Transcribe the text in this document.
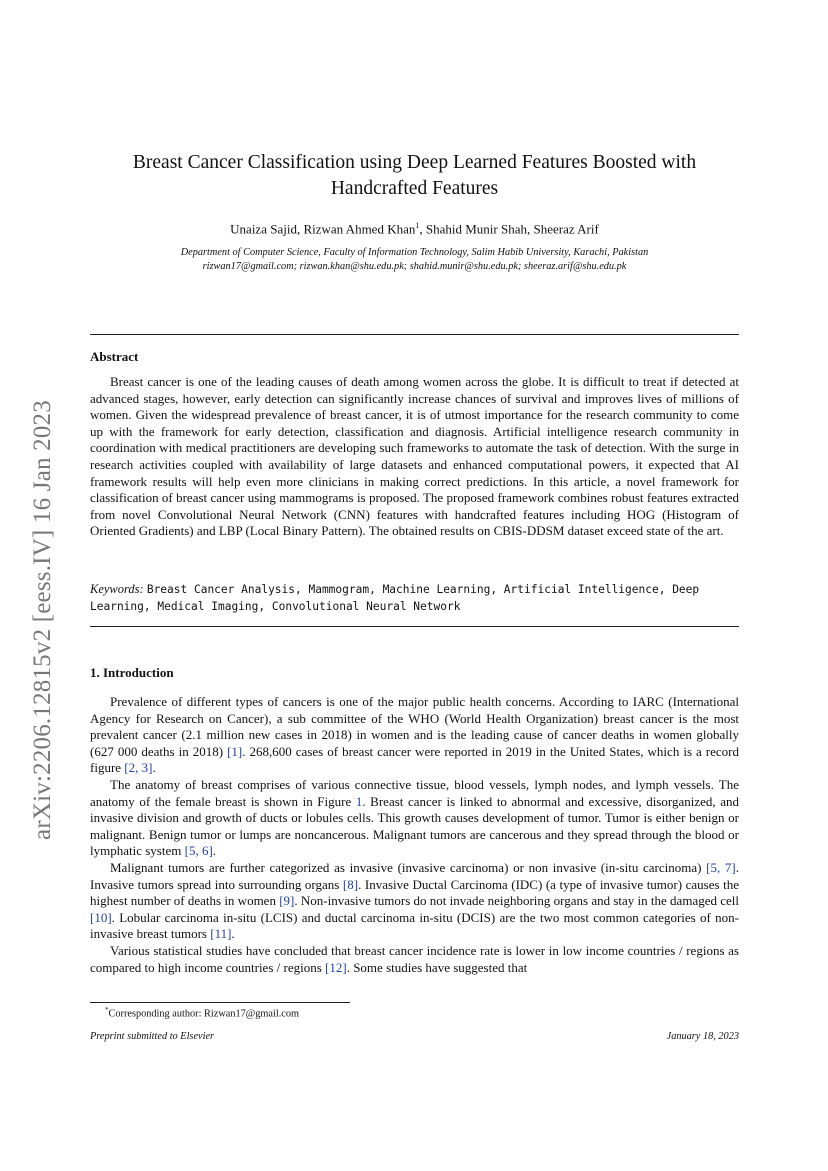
arXiv:2206.12815v2 [eess.IV] 16 Jan 2023
Breast Cancer Classification using Deep Learned Features Boosted with
Handcrafted Features
Unaiza Sajid, Rizwan Ahmed Khan$^1$, Shahid Munir Shah, Sheeraz Arif
Department of Computer Science, Faculty of Information Technology, Salim Habib University, Karachi, Pakistan
rizwan17@gmail.com; rizwan.khan@shu.edu.pk; shahid.munir@shu.edu.pk; sheeraz.arif@shu.edu.pk
Abstract

Breast cancer is one of the leading causes of death among women across the globe. It is difficult to treat if detected at advanced stages, however, early detection can significantly increase chances of survival and improves lives of millions of women. Given the widespread prevalence of breast cancer, it is of utmost importance for the research community to come up with the framework for early detection, classification and diagnosis. Artificial intelligence research community in coordination with medical practitioners are developing such frameworks to automate the task of detection. With the surge in research activities coupled with availability of large datasets and enhanced computational powers, it expected that AI framework results will help even more clinicians in making correct predictions. In this article, a novel framework for classification of breast cancer using mammograms is proposed. The proposed framework combines robust features extracted from novel Convolutional Neural Network (CNN) features with handcrafted features including HOG (Histogram of Oriented Gradients) and LBP (Local Binary Pattern). The obtained results on CBIS-DDSM dataset exceed state of the art.

Keywords: Breast Cancer Analysis, Mammogram, Machine Learning, Artificial Intelligence, Deep Learning, Medical Imaging, Convolutional Neural Network
1. Introduction

Prevalence of different types of cancers is one of the major public health concerns. According to IARC (International Agency for Research on Cancer), a sub committee of the WHO (World Health Organization) breast cancer is the most prevalent cancer (2.1 million new cases in 2018) in women and is the leading cause of cancer deaths in women globally (627 000 deaths in 2018) [1]. 268,600 cases of breast cancer were reported in 2019 in the United States, which is a record figure [2, 3].

The anatomy of breast comprises of various connective tissue, blood vessels, lymph nodes, and lymph vessels. The anatomy of the female breast is shown in Figure 1. Breast cancer is linked to abnormal and excessive, disorganized, and invasive division and growth of ducts or lobules cells. This growth causes development of tumor. Tumor is either benign or malignant. Benign tumor or lumps are noncancerous. Malignant tumors are cancerous and they spread through the blood or lymphatic system [5, 6].

Malignant tumors are further categorized as invasive (invasive carcinoma) or non invasive (in-situ carcinoma) [5, 7]. Invasive tumors spread into surrounding organs [8]. Invasive Ductal Carcinoma (IDC) (a type of invasive tumor) causes the highest number of deaths in women [9]. Non-invasive tumors do not invade neighboring organs and stay in the damaged cell [10]. Lobular carcinoma in-situ (LCIS) and ductal carcinoma in-situ (DCIS) are the two most common categories of non-invasive breast tumors [11].

Various statistical studies have concluded that breast cancer incidence rate is lower in low income countries / regions as compared to high income countries / regions [12]. Some studies have suggested that

*Corresponding author: Rizwan17@gmail.com
Preprint submitted to Elsevier	January 18, 2023
